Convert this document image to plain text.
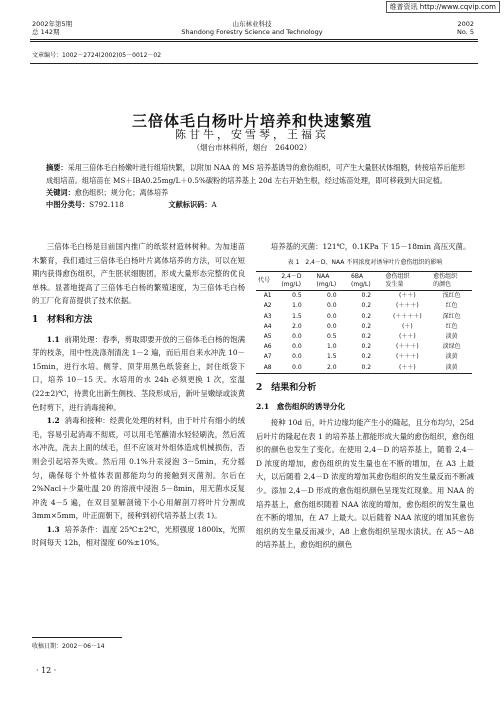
维普资讯 http://www.cqvip.com
2002年第5期
总 142期
山东林业科技
Shandong Forestry Science and Technology
2002
No. 5
文章编号：1002－2724(2002)05－0012－02
三倍体毛白杨叶片培养和快速繁殖
陈甘牛，安雪琴，王福宾
（烟台市林科所，烟台　264002）
摘要：采用三倍体毛白杨嫩叶进行组培快繁，以附加 NAA 的 MS 培养基诱导的愈伤组织，可产生大量胚状体细胞，转接培养后能形成组培苗。组培苗在 MS＋IBA0.25mg/L＋0.5%碳粉的培养基上 20d 左右开始生根，经过炼苗处理，即可移栽到大田定植。
关键词：愈伤组织；规分化；离体培养
中图分类号：S792.118	文献标识码：A

三倍体毛白杨是目前国内推广的纸浆材造林树种。为加速苗木繁育，我们通过三倍体毛白杨叶片离体培养的方法，可以在短期内获得愈伤组织，产生胚状细胞团，形成大量形态完整的优良单株。显著地提高了三倍体毛白杨的繁殖速度，为三倍体毛白杨的工厂化育苗提供了技术依据。

1　材料和方法

1.1 前期处理：春季，剪取即要开放的三倍体毛白杨的饱满芽的枝条，用中性洗涤剂清洗 1－2 遍，而后用自来水冲洗 10－15min，进行水培。侧芽、顶芽用黑色纸袋套上，封住纸袋下口，培养 10－15 天。水培用的水 24h 必须更换 1 次，室温(22±2)℃，待黄化出新生侧枝、茎段形成后，新叶呈嫩绿或淡黄色时剪下，进行消毒接种。

1.2 消毒和接种：经黄化处理的材料，由于叶片有细小的绒毛，容易引起消毒不彻底，可以用毛笔蘸清水轻轻刷洗，然后流水冲洗，洗去上面的绒毛，但不应该对外组体造成机械损伤，否则会引起培养失败。然后用 0.1%升汞浸泡 3－5min，充分摇匀，确保每个外植体表面都能均匀的接触到灭菌剂。尔后在 2%Nacl＋少量吐温 20 的溶液中浸泡 5－8min，用无菌水反复冲洗 4－5 遍，在双目显解剖镜下小心用解剖刀将叶片分割成 3mm×5mm，叶正面朝下，接种到初代培养基上(表 1)。

1.3 培养条件：温度 25℃±2℃，光照强度 1800lx，光照时间每天 12h，相对湿度 60%±10%。

培养基的灭菌：121℃，0.1KPa 下 15－18min 高压灭菌。

表 1　2,4－D、NAA 不同浓度对诱导叶片愈伤组织的影响
代号	2,4－D
(mg/L)	NAA
(mg/L)	6BA
(mg/L)	愈伤组织
发生量	愈伤组织
的颜色
A1	0.5	0.0	0.2	(＋＋)	浅红色
A2	1.0	0.0	0.2	(＋＋＋)	红色
A3	1.5	0.0	0.2	(＋＋＋＋)	深红色
A4	2.0	0.0	0.2	(＋)	红色
A5	0.0	0.5	0.2	(＋＋)	淡黄
A6	0.0	1.0	0.2	(＋＋＋)	淡绿色
A7	0.0	1.5	0.2	(＋＋＋)	淡黄
A8	0.0	2.0	0.2	(＋＋)	淡黄
2　结果和分析
2.1　愈伤组织的诱导分化

接种 10d 后，叶片边缘均能产生小的隆起，且分布均匀，25d 后叶片的隆起在表 1 的培养基上都能形成大量的愈伤组织，愈伤组织的颜色也发生了变化。在使用 2,4－D 的培养基上，随着 2,4－D 浓度的增加，愈伤组织的发生量也在不断的增加，在 A3 上最大，以后随着 2,4－D 浓度的增加其愈伤组织的发生量反而不断减少。添加 2,4－D 形成的愈伤组织颜色呈现发红现象。用 NAA 的培养基上，愈伤组织随着 NAA 浓度的增加，愈伤组织的发生量也在不断的增加，在 A7 上最大。以后随着 NAA 浓度的增加其愈伤组织的发生量反而减少，A8 上愈伤组织呈现水渍状。在 A5～A8 的培养基上，愈伤组织的颜色

收稿日期：2002－06－14
· 12 ·
